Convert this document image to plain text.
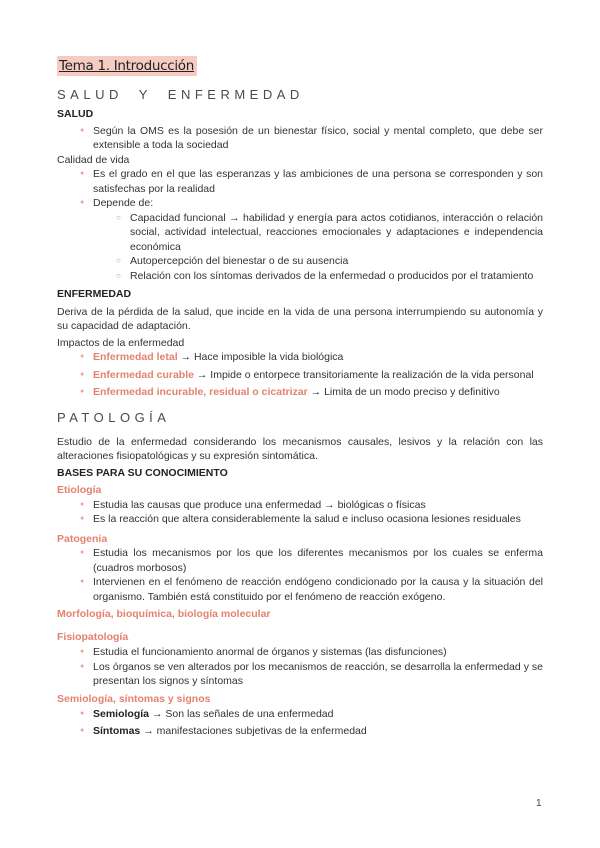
Tema 1. Introducción
SALUD Y ENFERMEDAD

SALUD

● Según la OMS es la posesión de un bienestar físico, social y mental completo, que debe ser extensible a toda la sociedad

Calidad de vida

● Es el grado en el que las esperanzas y las ambiciones de una persona se corresponden y son satisfechas por la realidad
● Depende de:
○ Capacidad funcional → habilidad y energía para actos cotidianos, interacción o relación social, actividad intelectual, reacciones emocionales y adaptaciones e independencia económica
○ Autopercepción del bienestar o de su ausencia
○ Relación con los síntomas derivados de la enfermedad o producidos por el tratamiento

ENFERMEDAD

Deriva de la pérdida de la salud, que incide en la vida de una persona interrumpiendo su autonomía y su capacidad de adaptación.

Impactos de la enfermedad

● Enfermedad letal → Hace imposible la vida biológica
● Enfermedad curable → Impide o entorpece transitoriamente la realización de la vida personal
● Enfermedad incurable, residual o cicatrizar → Limita de un modo preciso y definitivo
PATOLOGÍA

Estudio de la enfermedad considerando los mecanismos causales, lesivos y la relación con las alteraciones fisiopatológicas y su expresión sintomática.

BASES PARA SU CONOCIMIENTO

Etiología

● Estudia las causas que produce una enfermedad → biológicas o físicas
● Es la reacción que altera considerablemente la salud e incluso ocasiona lesiones residuales

Patogenia

● Estudia los mecanismos por los que los diferentes mecanismos por los cuales se enferma (cuadros morbosos)
● Intervienen en el fenómeno de reacción endógeno condicionado por la causa y la situación del organismo. También está constituido por el fenómeno de reacción exógeno.

Morfología, bioquímica, biología molecular

Fisiopatología

● Estudia el funcionamiento anormal de órganos y sistemas (las disfunciones)
● Los órganos se ven alterados por los mecanismos de reacción, se desarrolla la enfermedad y se presentan los signos y síntomas

Semiología, síntomas y signos

● Semiología → Son las señales de una enfermedad
● Síntomas → manifestaciones subjetivas de la enfermedad
1
